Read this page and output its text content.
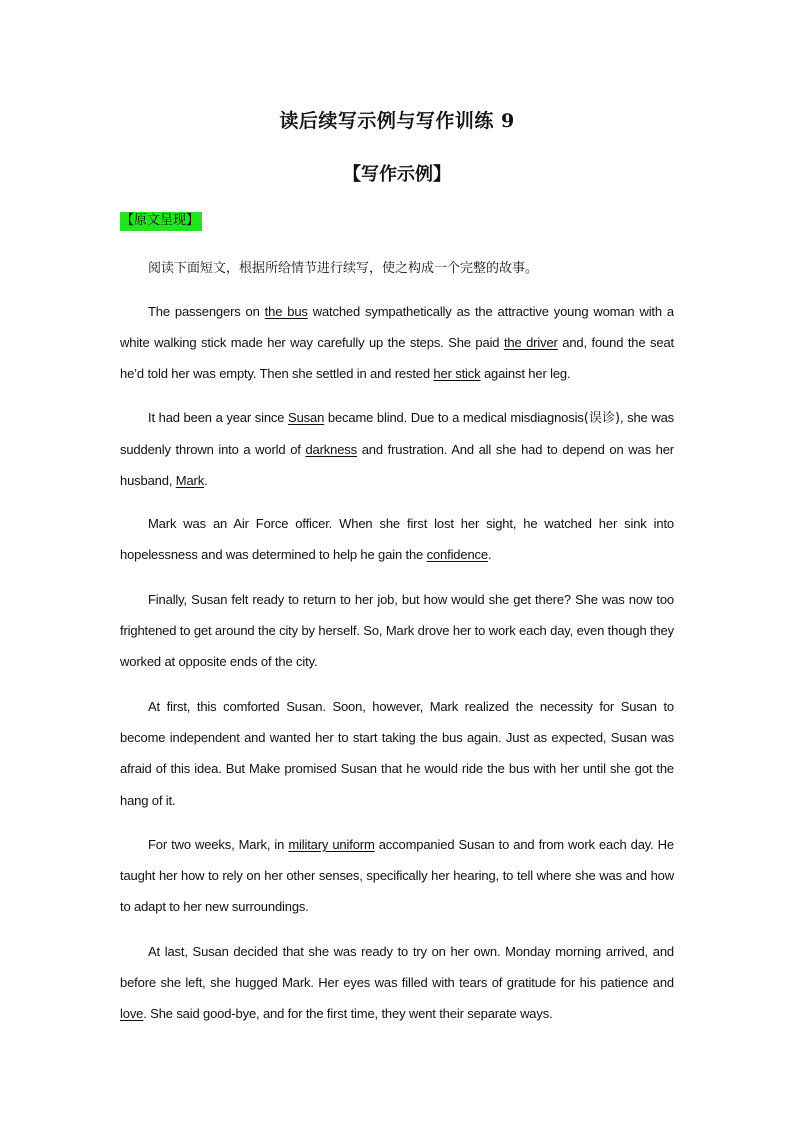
读后续写示例与写作训练 9
【写作示例】
【原文呈现】
阅读下面短文，根据所给情节进行续写，使之构成一个完整的故事。

The passengers on the bus watched sympathetically as the attractive young woman with a white walking stick made her way carefully up the steps. She paid the driver and, found the seat he’d told her was empty. Then she settled in and rested her stick against her leg.

It had been a year since Susan became blind. Due to a medical misdiagnosis(误诊), she was suddenly thrown into a world of darkness and frustration. And all she had to depend on was her husband, Mark.

Mark was an Air Force officer. When she first lost her sight, he watched her sink into hopelessness and was determined to help he gain the confidence.

Finally, Susan felt ready to return to her job, but how would she get there? She was now too frightened to get around the city by herself. So, Mark drove her to work each day, even though they worked at opposite ends of the city.

At first, this comforted Susan. Soon, however, Mark realized the necessity for Susan to become independent and wanted her to start taking the bus again. Just as expected, Susan was afraid of this idea. But Make promised Susan that he would ride the bus with her until she got the hang of it.

For two weeks, Mark, in military uniform accompanied Susan to and from work each day. He taught her how to rely on her other senses, specifically her hearing, to tell where she was and how to adapt to her new surroundings.

At last, Susan decided that she was ready to try on her own. Monday morning arrived, and before she left, she hugged Mark. Her eyes was filled with tears of gratitude for his patience and love. She said good-bye, and for the first time, they went their separate ways.
